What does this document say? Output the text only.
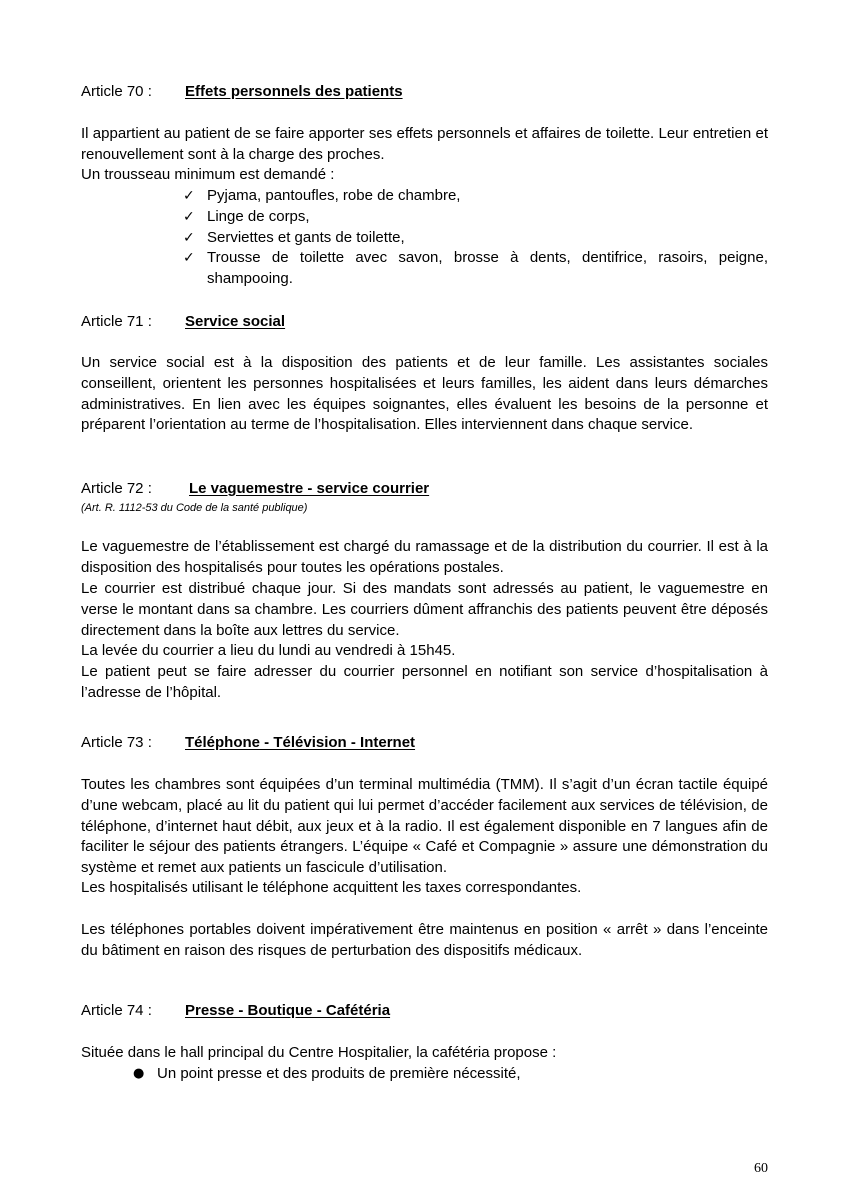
Article 70 :	Effets personnels des patients

Il appartient au patient de se faire apporter ses effets personnels et affaires de toilette. Leur entretien et renouvellement sont à la charge des proches.

Un trousseau minimum est demandé :

✓ Pyjama, pantoufles, robe de chambre,
✓ Linge de corps,
✓ Serviettes et gants de toilette,
✓ Trousse de toilette avec savon, brosse à dents, dentifrice, rasoirs, peigne, shampooing.
Article 71 :	Service social

Un service social est à la disposition des patients et de leur famille. Les assistantes sociales conseillent, orientent les personnes hospitalisées et leurs familles, les aident dans leurs démarches administratives. En lien avec les équipes soignantes, elles évaluent les besoins de la personne et préparent l’orientation au terme de l’hospitalisation. Elles interviennent dans chaque service.

Article 72 :	Le vaguemestre - service courrier
(Art. R. 1112-53 du Code de la santé publique)

Le vaguemestre de l’établissement est chargé du ramassage et de la distribution du courrier. Il est à la disposition des hospitalisés pour toutes les opérations postales.

Le courrier est distribué chaque jour. Si des mandats sont adressés au patient, le vaguemestre en verse le montant dans sa chambre. Les courriers dûment affranchis des patients peuvent être déposés directement dans la boîte aux lettres du service.

La levée du courrier a lieu du lundi au vendredi à 15h45.

Le patient peut se faire adresser du courrier personnel en notifiant son service d’hospitalisation à l’adresse de l’hôpital.

Article 73 :	Téléphone - Télévision - Internet

Toutes les chambres sont équipées d’un terminal multimédia (TMM). Il s’agit d’un écran tactile équipé d’une webcam, placé au lit du patient qui lui permet d’accéder facilement aux services de télévision, de téléphone, d’internet haut débit, aux jeux et à la radio. Il est également disponible en 7 langues afin de faciliter le séjour des patients étrangers. L’équipe « Café et Compagnie » assure une démonstration du système et remet aux patients un fascicule d’utilisation.

Les hospitalisés utilisant le téléphone acquittent les taxes correspondantes.

Les téléphones portables doivent impérativement être maintenus en position « arrêt » dans l’enceinte du bâtiment en raison des risques de perturbation des dispositifs médicaux.

Article 74 :	Presse - Boutique - Cafétéria

Située dans le hall principal du Centre Hospitalier, la cafétéria propose :

● Un point presse et des produits de première nécessité,
60
